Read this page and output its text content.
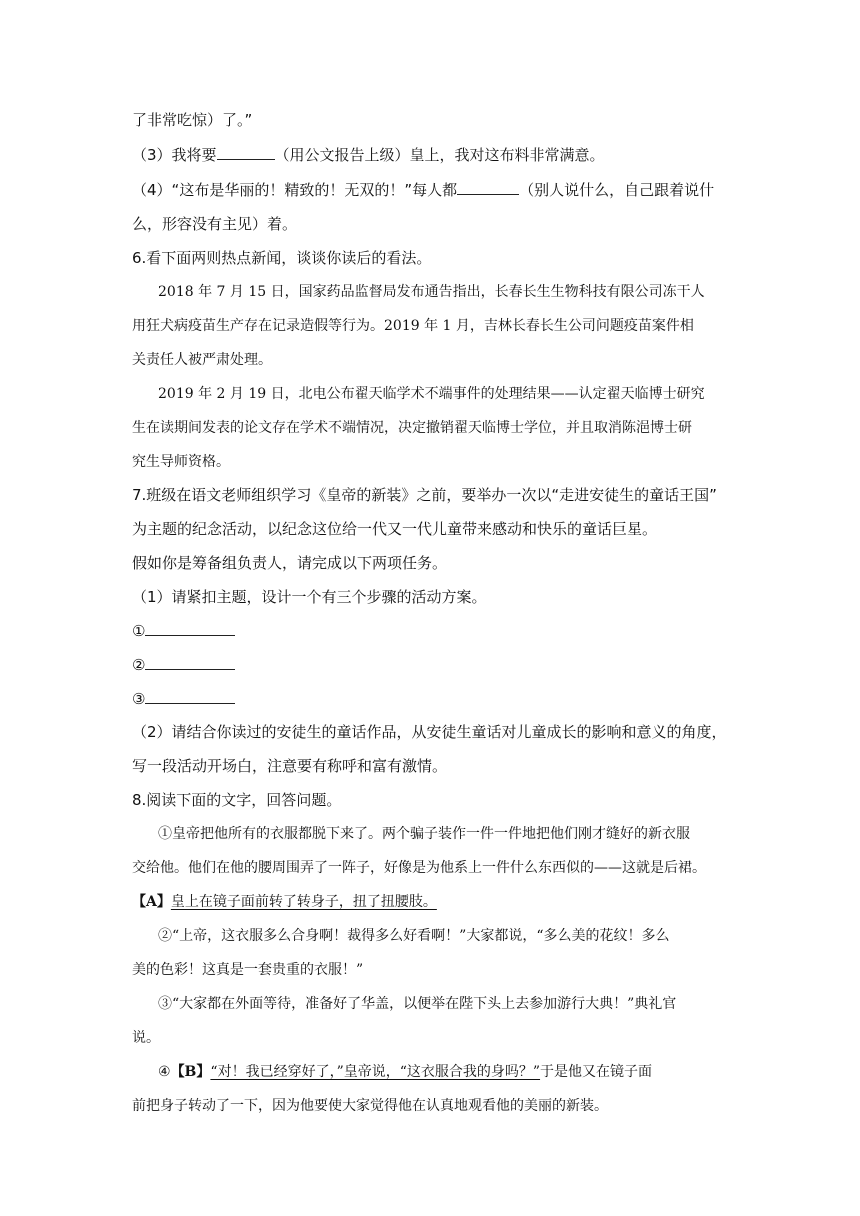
了非常吃惊）了。”
（3）我将要	（用公文报告上级）皇上，我对这布料非常满意。
（4）“这布是华丽的！精致的！无双的！”每人都	（别人说什么，自己跟着说什
么，形容没有主见）着。
6.看下面两则热点新闻，谈谈你读后的看法。
2018 年 7 月 15 日，国家药品监督局发布通告指出，长春长生生物科技有限公司冻干人
用狂犬病疫苗生产存在记录造假等行为。2019 年 1 月，吉林长春长生公司问题疫苗案件相
关责任人被严肃处理。
2019 年 2 月 19 日，北电公布翟天临学术不端事件的处理结果——认定翟天临博士研究
生在读期间发表的论文存在学术不端情况，决定撤销翟天临博士学位，并且取消陈浥博士研
究生导师资格。
7.班级在语文老师组织学习《皇帝的新装》之前，要举办一次以“走进安徒生的童话王国”
为主题的纪念活动，以纪念这位给一代又一代儿童带来感动和快乐的童话巨星。
假如你是筹备组负责人，请完成以下两项任务。
（1）请紧扣主题，设计一个有三个步骤的活动方案。
①
②
③
（2）请结合你读过的安徒生的童话作品，从安徒生童话对儿童成长的影响和意义的角度，
写一段活动开场白，注意要有称呼和富有激情。
8.阅读下面的文字，回答问题。
①皇帝把他所有的衣服都脱下来了。两个骗子装作一件一件地把他们刚才缝好的新衣服
交给他。他们在他的腰周围弄了一阵子，好像是为他系上一件什么东西似的——这就是后裙。
【A】皇上在镜子面前转了转身子，扭了扭腰肢。
②“上帝，这衣服多么合身啊！裁得多么好看啊！”大家都说，“多么美的花纹！多么
美的色彩！这真是一套贵重的衣服！”
③“大家都在外面等待，准备好了华盖，以便举在陛下头上去参加游行大典！”典礼官
说。
④【B】“对！我已经穿好了，”皇帝说，“这衣服合我的身吗？”于是他又在镜子面
前把身子转动了一下，因为他要使大家觉得他在认真地观看他的美丽的新装。
